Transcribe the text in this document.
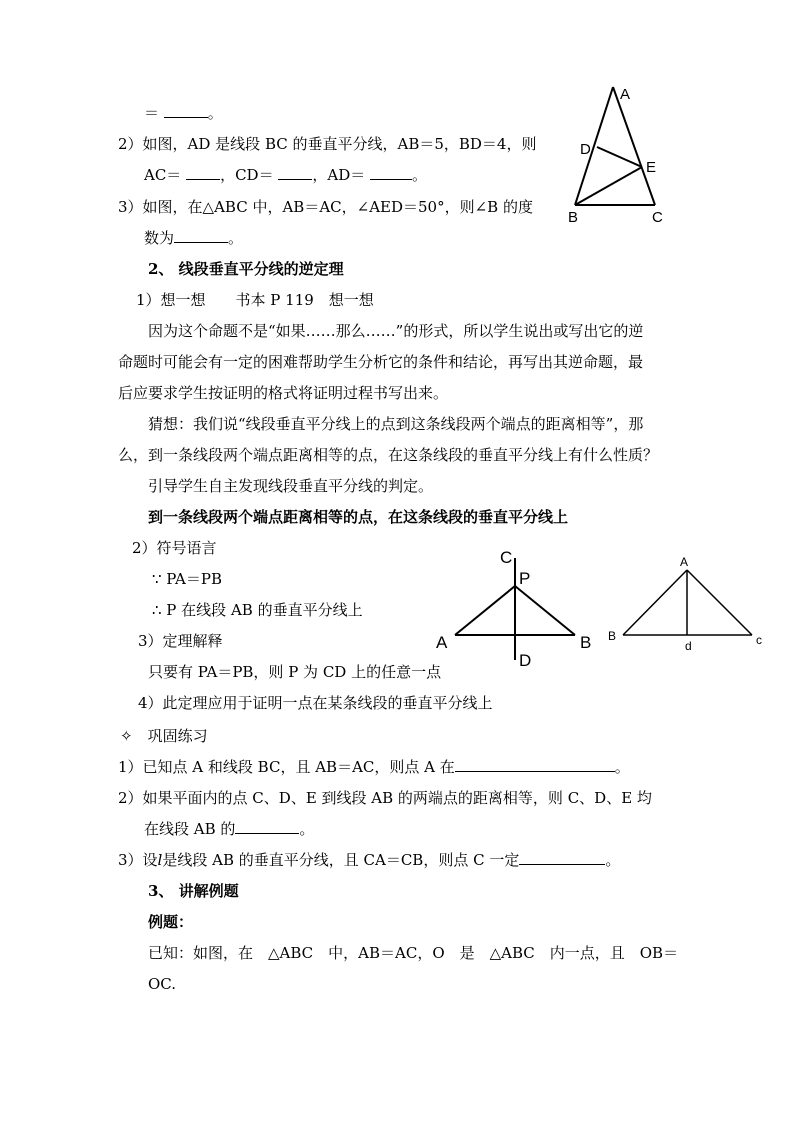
＝	。
2）如图，AD 是线段 BC 的垂直平分线，AB＝5，BD＝4，则
AC＝ ，CD＝ ，AD＝	。
3）如图，在△ABC 中，AB＝AC，∠AED＝50°，则∠B 的度
数为	。
A
D
E
B	C
2、 线段垂直平分线的逆定理
1）想一想　　书本 P 119　想一想
因为这个命题不是“如果……那么……”的形式，所以学生说出或写出它的逆
命题时可能会有一定的困难帮助学生分析它的条件和结论，再写出其逆命题，最
后应要求学生按证明的格式将证明过程书写出来。
猜想：我们说“线段垂直平分线上的点到这条线段两个端点的距离相等”，那
么，到一条线段两个端点距离相等的点，在这条线段的垂直平分线上有什么性质？
引导学生自主发现线段垂直平分线的判定。
到一条线段两个端点距离相等的点，在这条线段的垂直平分线上
2）符号语言
∵ PA＝PB
∴ P 在线段 AB 的垂直平分线上
3）定理解释
只要有 PA＝PB，则 P 为 CD 上的任意一点
4）此定理应用于证明一点在某条线段的垂直平分线上
C
P
A	B
D
A
B	c
d
✧　巩固练习
1）已知点 A 和线段 BC，且 AB＝AC，则点 A 在	。
2）如果平面内的点 C、D、E 到线段 AB 的两端点的距离相等，则 C、D、E 均
在线段 AB 的	。
3）设l是线段 AB 的垂直平分线，且 CA＝CB，则点 C 一定	。
3、 讲解例题
例题：
已知：如图，在　△ABC　中，AB＝AC，O　是　△ABC　内一点，且　OB＝
OC.
